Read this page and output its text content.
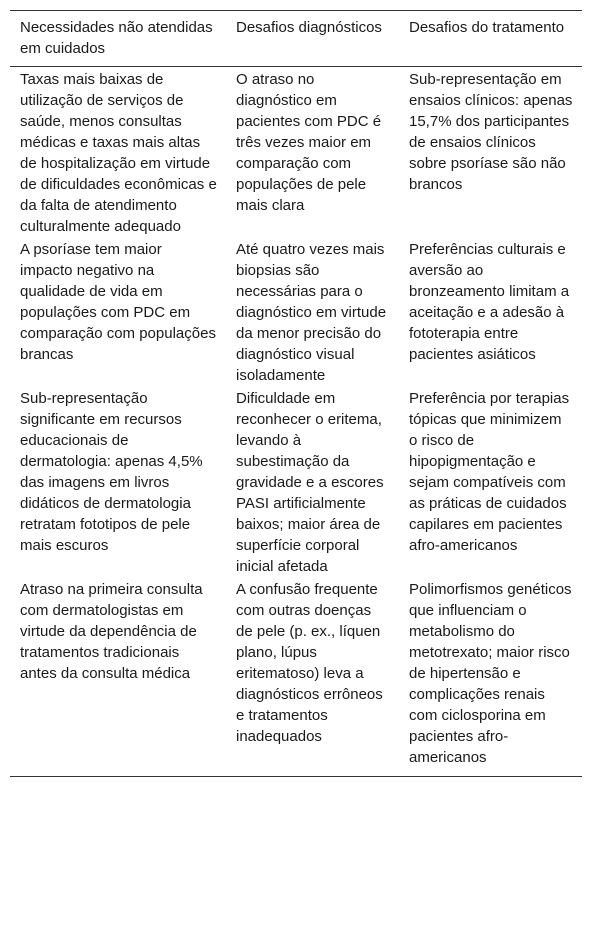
Necessidades não atendidas em cuidados	Desafios diagnósticos	Desafios do tratamento
Taxas mais baixas de utilização de serviços de saúde, menos consultas médicas e taxas mais altas de hospitalização em virtude de dificuldades econômicas e da falta de atendimento culturalmente adequado	O atraso no diagnóstico em pacientes com PDC é três vezes maior em comparação com populações de pele mais clara	Sub-representação em ensaios clínicos: apenas 15,7% dos participantes de ensaios clínicos sobre psoríase são não brancos
A psoríase tem maior impacto negativo na qualidade de vida em populações com PDC em comparação com populações brancas	Até quatro vezes mais biopsias são necessárias para o diagnóstico em virtude da menor precisão do diagnóstico visual isoladamente	Preferências culturais e aversão ao bronzeamento limitam a aceitação e a adesão à fototerapia entre pacientes asiáticos
Sub-representação significante em recursos educacionais de dermatologia: apenas 4,5% das imagens em livros didáticos de dermatologia retratam fototipos de pele mais escuros	Dificuldade em reconhecer o eritema, levando à subestimação da gravidade e a escores PASI artificialmente baixos; maior área de superfície corporal inicial afetada	Preferência por terapias tópicas que minimizem o risco de hipopigmentação e sejam compatíveis com as práticas de cuidados capilares em pacientes afro-americanos
Atraso na primeira consulta com dermatologistas em virtude da dependência de tratamentos tradicionais antes da consulta médica	A confusão frequente com outras doenças de pele (p. ex., líquen plano, lúpus eritematoso) leva a diagnósticos errôneos e tratamentos inadequados	Polimorfismos genéticos que influenciam o metabolismo do metotrexato; maior risco de hipertensão e complicações renais com ciclosporina em pacientes afro-americanos
